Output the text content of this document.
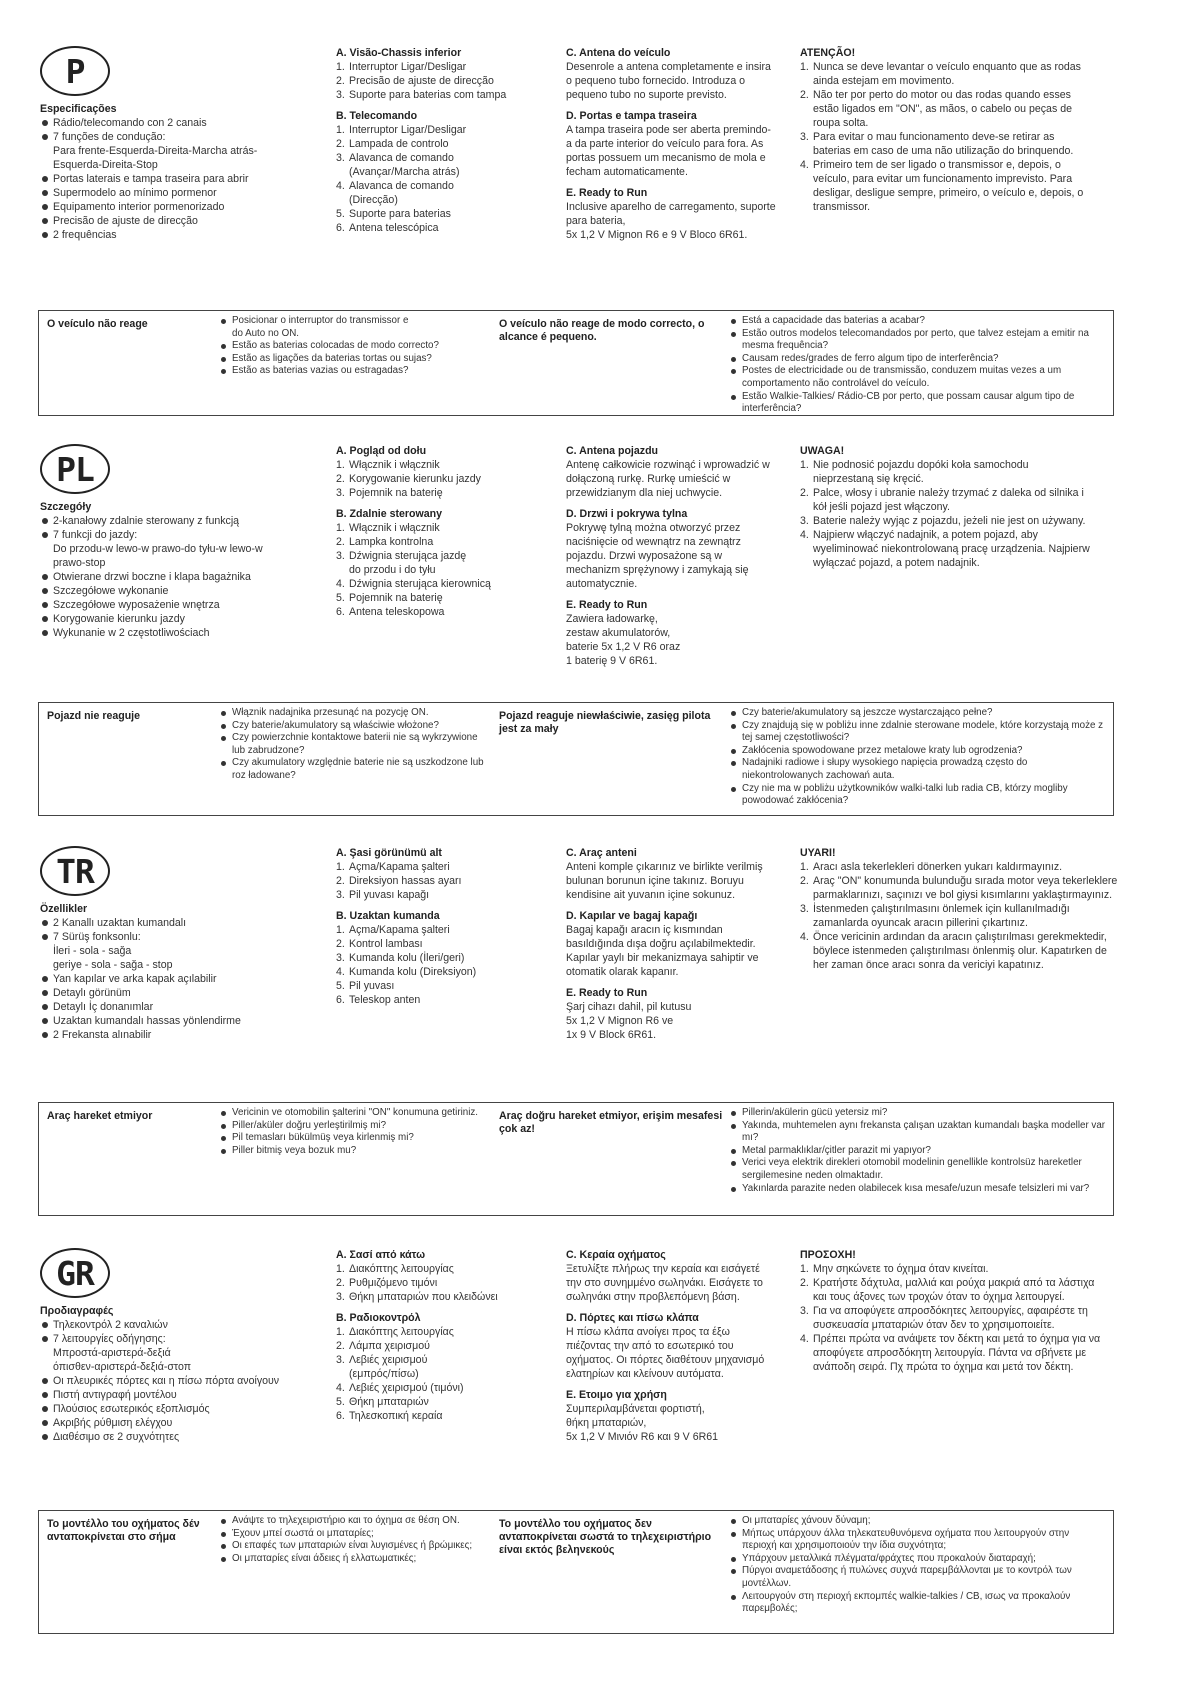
P
Especificações
Rádio/telecomando con 2 canais
7 funções de condução:
Para frente-Esquerda-Direita-Marcha atrás-Esquerda-Direita-Stop
Portas laterais e tampa traseira para abrir
Supermodelo ao mínimo pormenor
Equipamento interior pormenorizado
Precisão de ajuste de direcção
2 frequências
A. Visão-Chassis inferior
1. Interruptor Ligar/Desligar
2. Precisão de ajuste de direcção
3. Suporte para baterias com tampa
B. Telecomando
1. Interruptor Ligar/Desligar
2. Lampada de controlo
3. Alavanca de comando
(Avançar/Marcha atrás)
4. Alavanca de comando
(Direcção)
5. Suporte para baterias
6. Antena telescópica
C. Antena do veículo
Desenrole a antena completamente e insira o pequeno tubo fornecido. Introduza o pequeno tubo no suporte previsto.
D. Portas e tampa traseira
A tampa traseira pode ser aberta premindo-a da parte interior do veículo para fora. As portas possuem um mecanismo de mola e fecham automaticamente.
E. Ready to Run
Inclusive aparelho de carregamento, suporte para bateria,
5x 1,2 V Mignon R6 e 9 V Bloco 6R61.
ATENÇÃO!
1. Nunca se deve levantar o veículo enquanto que as rodas ainda estejam em movimento.
2. Não ter por perto do motor ou das rodas quando esses estão ligados em "ON", as mãos, o cabelo ou peças de roupa solta.
3. Para evitar o mau funcionamento deve-se retirar as baterias em caso de uma não utilização do brinquendo.
4. Primeiro tem de ser ligado o transmissor e, depois, o veículo, para evitar um funcionamento imprevisto. Para desligar, desligue sempre, primeiro, o veículo e, depois, o transmissor.
O veículo não reage	Posicionar o interruptor do transmissor e
do Auto no ON.
Estão as baterias colocadas de modo correcto?
Estão as ligações da baterias tortas ou sujas?
Estão as baterias vazias ou estragadas?
O veículo não reage de modo correcto, o alcance é pequeno.
Está a capacidade das baterias a acabar?
Estão outros modelos telecomandados por perto, que talvez estejam a emitir na mesma frequência?
Causam redes/grades de ferro algum tipo de interferência?
Postes de electricidade ou de transmissão, conduzem muitas vezes a um comportamento não controlável do veículo.
Estão Walkie-Talkies/ Rádio-CB por perto, que possam causar algum tipo de interferência?
PL
Szczegóły
2-kanałowy zdalnie sterowany z funkcją
7 funkcji do jazdy:
Do przodu-w lewo-w prawo-do tyłu-w lewo-w prawo-stop
Otwierane drzwi boczne i klapa bagażnika
Szczegółowe wykonanie
Szczegółowe wyposażenie wnętrza
Korygowanie kierunku jazdy
Wykunanie w 2 częstotliwościach
A. Pogląd od dołu
1. Włącznik i włącznik
2. Korygowanie kierunku jazdy
3. Pojemnik na baterię
B. Zdalnie sterowany
1. Włącznik i włącznik
2. Lampka kontrolna
3. Dźwignia sterująca jazdę
do przodu i do tyłu
4. Dźwignia sterująca kierownicą
5. Pojemnik na baterię
6. Antena teleskopowa
C. Antena pojazdu
Antenę całkowicie rozwinąć i wprowadzić w dołączoną rurkę. Rurkę umieścić w przewidzianym dla niej uchwycie.
D. Drzwi i pokrywa tylna
Pokrywę tylną można otworzyć przez naciśnięcie od wewnątrz na zewnątrz pojazdu. Drzwi wyposażone są w mechanizm sprężynowy i zamykają się automatycznie.
E. Ready to Run
Zawiera ładowarkę,
zestaw akumulatorów,
baterie 5x 1,2 V R6 oraz
1 baterię 9 V 6R61.
UWAGA!
1. Nie podnosić pojazdu dopóki koła samochodu nieprzestaną się kręcić.
2. Palce, włosy i ubranie należy trzymać z daleka od silnika i kół jeśli pojazd jest włączony.
3. Baterie należy wyjąc z pojazdu, jeżeli nie jest on używany.
4. Najpierw włączyć nadajnik, a potem pojazd, aby wyeliminować niekontrolowaną pracę urządzenia. Najpierw wyłączać pojazd, a potem nadajnik.
Pojazd nie reaguje	Włąznik nadajnika przesunąć na pozycję ON.
Czy baterie/akumulatory są właściwie włożone?
Czy powierzchnie kontaktowe baterii nie są wykrzywione lub zabrudzone?
Czy akumulatory względnie baterie nie są uszkodzone lub roz ładowane?
Pojazd reaguje niewłaściwie, zasięg pilota jest za mały
Czy baterie/akumulatory są jeszcze wystarczająco pełne?
Czy znajdują się w pobliżu inne zdalnie sterowane modele, które korzystają może z tej samej częstotliwości?
Zakłócenia spowodowane przez metalowe kraty lub ogrodzenia?
Nadajniki radiowe i słupy wysokiego napięcia prowadzą często do niekontrolowanych zachowań auta.
Czy nie ma w pobliżu użytkowników walki-talki lub radia CB, którzy mogliby powodować zakłócenia?
TR
Özellikler
2 Kanallı uzaktan kumandalı
7 Sürüş fonksonlu:
İleri - sola - sağa
geriye - sola - sağa - stop
Yan kapılar ve arka kapak açılabilir
Detaylı görünüm
Detaylı İç donanımlar
Uzaktan kumandalı hassas yönlendirme
2 Frekansta alınabilir
A. Şasi görünümü alt
1. Açma/Kapama şalteri
2. Direksiyon hassas ayarı
3. Pil yuvası kapağı
B. Uzaktan kumanda
1. Açma/Kapama şalteri
2. Kontrol lambası
3. Kumanda kolu (İleri/geri)
4. Kumanda kolu (Direksiyon)
5. Pil yuvası
6. Teleskop anten
C. Araç anteni
Anteni komple çıkarınız ve birlikte verilmiş bulunan borunun içine takınız. Boruyu kendisine ait yuvanın içine sokunuz.
D. Kapılar ve bagaj kapağı
Bagaj kapağı aracın iç kısmından basıldığında dışa doğru açılabilmektedir. Kapılar yaylı bir mekanizmaya sahiptir ve otomatik olarak kapanır.
E. Ready to Run
Şarj cihazı dahil, pil kutusu
5x 1,2 V Mignon R6 ve
1x 9 V Block 6R61.
UYARI!
1. Aracı asla tekerlekleri dönerken yukarı kaldırmayınız.
2. Araç "ON" konumunda bulunduğu sırada motor veya tekerleklere parmaklarınızı, saçınızı ve bol giysi kısımlarını yaklaştırmayınız.
3. İstenmeden çalıştırılmasını önlemek için kullanılmadığı zamanlarda oyuncak aracın pillerini çıkartınız.
4. Önce vericinin ardından da aracın çalıştırılması gerekmektedir, böylece istenmeden çalıştırılması önlenmiş olur. Kapatırken de her zaman önce aracı sonra da vericiyi kapatınız.
Araç hareket etmiyor	Vericinin ve otomobilin şalterini "ON" konumuna getiriniz.
Piller/aküler doğru yerleştirilmiş mi?
Pil temasları bükülmüş veya kirlenmiş mi?
Piller bitmiş veya bozuk mu?
Araç doğru hareket etmiyor, erişim mesafesi çok az!
Pillerin/akülerin gücü yetersiz mi?
Yakında, muhtemelen aynı frekansta çalışan uzaktan kumandalı başka modeller var mı?
Metal parmaklıklar/çitler parazit mi yapıyor?
Verici veya elektrik direkleri otomobil modelinin genellikle kontrolsüz hareketler sergilemesine neden olmaktadır.
Yakınlarda parazite neden olabilecek kısa mesafe/uzun mesafe telsizleri mi var?
GR
Προδιαγραφές
Τηλεκοντρόλ 2 καναλιών
7 λειτουργίες οδήγησης:
Μπροστά-αριστερά-δεξιά
όπισθεν-αριστερά-δεξιά-στοπ
Οι πλευρικές πόρτες και η πίσω πόρτα ανοίγουν
Πιστή αντιγραφή μοντέλου
Πλούσιος εσωτερικός εξοπλισμός
Ακριβής ρύθμιση ελέγχου
Διαθέσιμο σε 2 συχνότητες
A. Σασί από κάτω
1. Διακόπτης λειτουργίας
2. Ρυθμιζόμενο τιμόνι
3. Θήκη μπαταριών που κλειδώνει
B. Ραδιοκοντρόλ
1. Διακόπτης λειτουργίας
2. Λάμπα χειρισμού
3. Λεβιές χειρισμού
(εμπρός/πίσω)
4. Λεβιές χειρισμού (τιμόνι)
5. Θήκη μπαταριών
6. Τηλεσκοπική κεραία
C. Κεραία οχήματος
Ξετυλίξτε πλήρως την κεραία και εισάγετέ την στο συνημμένο σωληνάκι. Εισάγετε το σωληνάκι στην προβλεπόμενη βάση.
D. Πόρτες και πίσω κλάπα
Η πίσω κλάπα ανοίγει προς τα έξω πιέζοντας την από το εσωτερικό του οχήματος. Οι πόρτες διαθέτουν μηχανισμό ελατηρίων και κλείνουν αυτόματα.
E. Ετοιμο για χρήση
Συμπεριλαμβάνεται φορτιστή,
θήκη μπαταριών,
5x 1,2 V Μινιόν R6 και 9 V 6R61
ΠΡΟΣΟΧΗ!
1. Μην σηκώνετε το όχημα όταν κινείται.
2. Κρατήστε δάχτυλα, μαλλιά και ρούχα μακριά από τα λάστιχα και τους άξονες των τροχών όταν το όχημα λειτουργεί.
3. Για να αποφύγετε απροσδόκητες λειτουργίες, αφαιρέστε τη συσκευασία μπαταριών όταν δεν το χρησιμοποιείτε.
4. Πρέπει πρώτα να ανάψετε τον δέκτη και μετά το όχημα για να αποφύγετε απροσδόκητη λειτουργία. Πάντα να σβήνετε με ανάποδη σειρά. Πχ πρώτα το όχημα και μετά τον δέκτη.
Το μοντέλλο του οχήματος δέν ανταποκρίνεται στο σήμα
Ανάψτε το τηλεχειριστήριο και το όχημα σε θέση ON.
Έχουν μπεί σωστά οι μπαταρίες;
Οι επαφές των μπαταριών είναι λυγισμένες ή βρώμικες;
Οι μπαταρίες είναι άδειες ή ελλατωματικές;
Το μοντέλλο του οχήματος δεν ανταποκρίνεται σωστά το τηλεχειριστήριο είναι εκτός βεληνεκούς
Οι μπαταρίες χάνουν δύναμη;
Μήπως υπάρχουν άλλα τηλεκατευθυνόμενα οχήματα που λειτουργούν στην περιοχή και χρησιμοποιούν την ίδια συχνότητα;
Υπάρχουν μεταλλικά πλέγματα/φράχτες που προκαλούν διαταραχή;
Πύργοι αναμετάδοσης ή πυλώνες συχνά παρεμβάλλονται με το κοντρόλ των μοντέλλων.
Λειτουργούν στη περιοχή εκπομπές walkie-talkies / CB, ισως να προκαλούν παρεμβολές;
